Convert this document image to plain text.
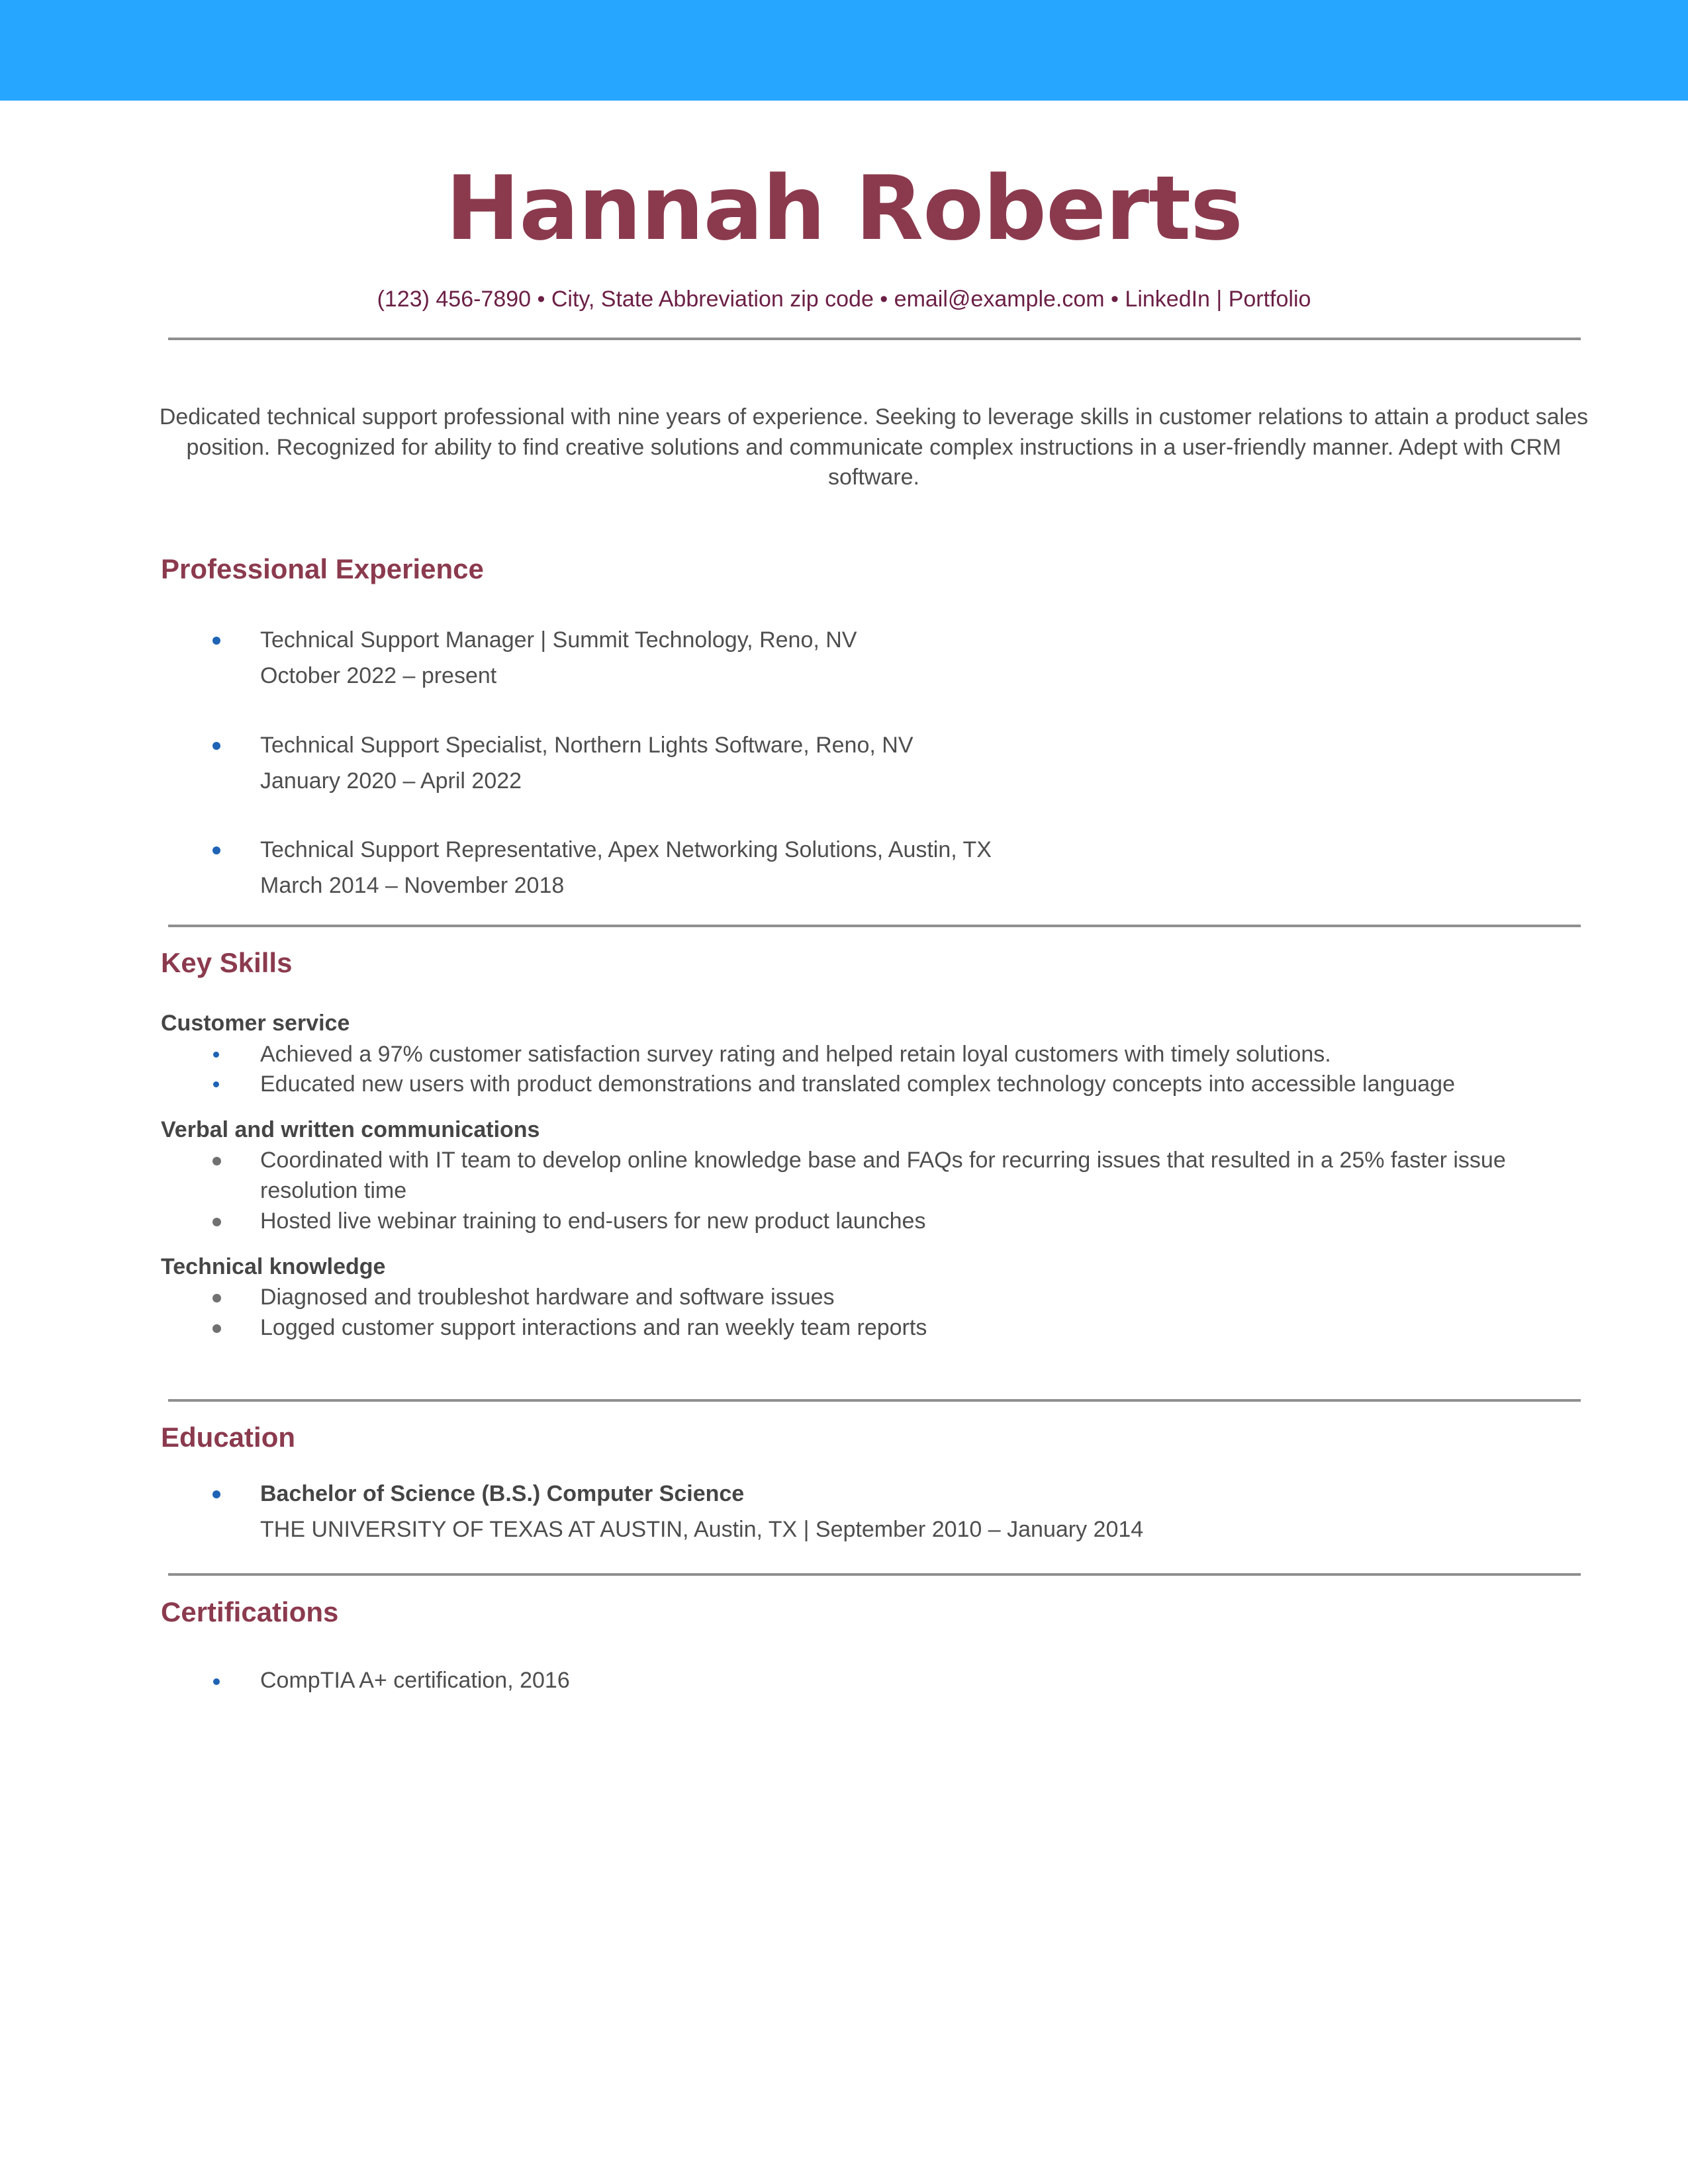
Hannah Roberts
(123) 456-7890 • City, State Abbreviation zip code • email@example.com • LinkedIn | Portfolio
Dedicated technical support professional with nine years of experience. Seeking to leverage skills in customer relations to attain a product sales position. Recognized for ability to find creative solutions and communicate complex instructions in a user-friendly manner. Adept with CRM software.
Professional Experience
Technical Support Manager | Summit Technology, Reno, NV
October 2022 – present
Technical Support Specialist, Northern Lights Software, Reno, NV
January 2020 – April 2022
Technical Support Representative, Apex Networking Solutions, Austin, TX
March 2014 – November 2018
Key Skills
Customer service
Achieved a 97% customer satisfaction survey rating and helped retain loyal customers with timely solutions.
Educated new users with product demonstrations and translated complex technology concepts into accessible language
Verbal and written communications
Coordinated with IT team to develop online knowledge base and FAQs for recurring issues that resulted in a 25% faster issue resolution time
Hosted live webinar training to end-users for new product launches
Technical knowledge
Diagnosed and troubleshot hardware and software issues
Logged customer support interactions and ran weekly team reports
Education
Bachelor of Science (B.S.) Computer Science
THE UNIVERSITY OF TEXAS AT AUSTIN, Austin, TX | September 2010 – January 2014
Certifications
CompTIA A+ certification, 2016
